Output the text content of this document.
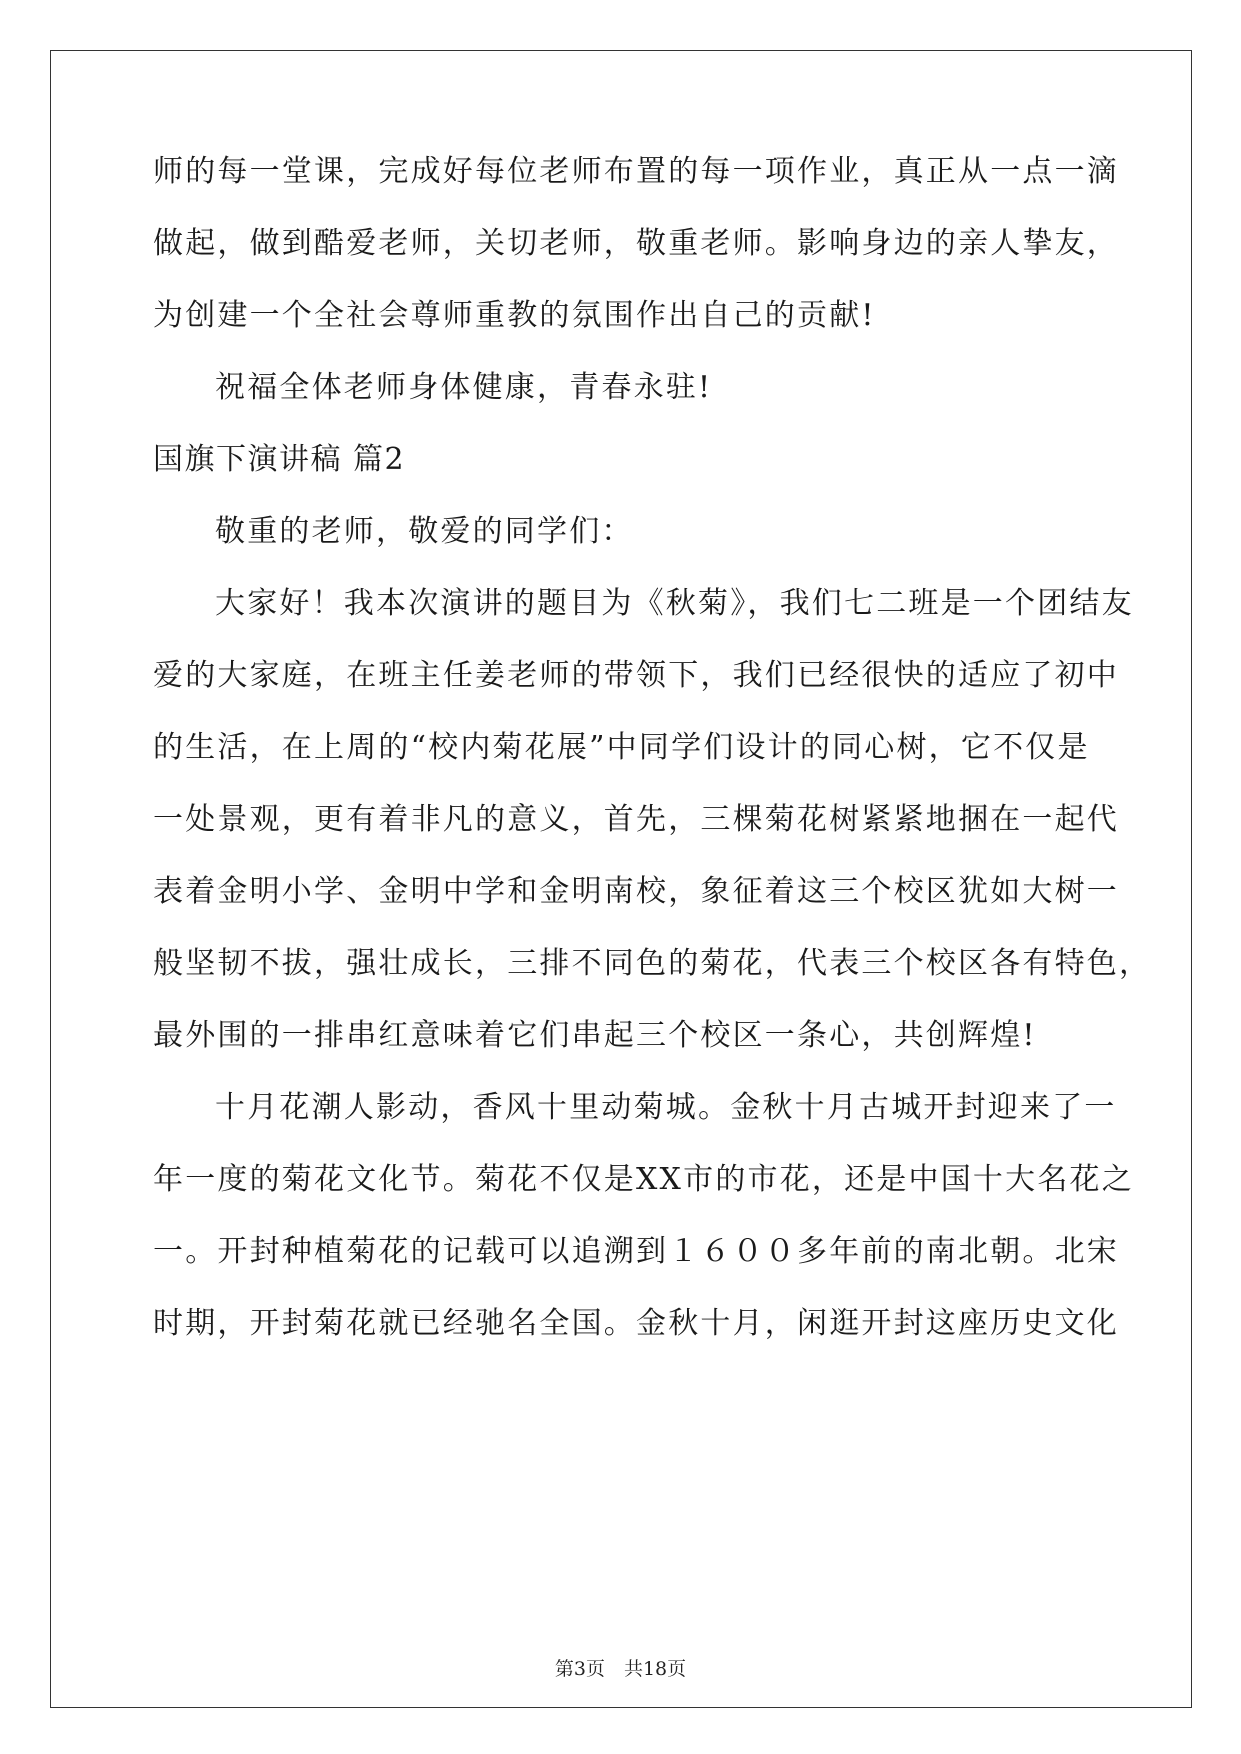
师的每一堂课，完成好每位老师布置的每一项作业，真正从一点一滴
做起，做到酷爱老师，关切老师，敬重老师。影响身边的亲人挚友，
为创建一个全社会尊师重教的氛围作出自己的贡献!
祝福全体老师身体健康，青春永驻!
国旗下演讲稿 篇2
敬重的老师，敬爱的同学们：
大家好！我本次演讲的题目为《秋菊》，我们七二班是一个团结友
爱的大家庭，在班主任姜老师的带领下，我们已经很快的适应了初中
的生活，在上周的“校内菊花展”中同学们设计的同心树，它不仅是
一处景观，更有着非凡的意义，首先，三棵菊花树紧紧地捆在一起代
表着金明小学、金明中学和金明南校，象征着这三个校区犹如大树一
般坚韧不拔，强壮成长，三排不同色的菊花，代表三个校区各有特色，
最外围的一排串红意味着它们串起三个校区一条心，共创辉煌!
十月花潮人影动，香风十里动菊城。金秋十月古城开封迎来了一
年一度的菊花文化节。菊花不仅是XX市的市花，还是中国十大名花之
一。开封种植菊花的记载可以追溯到１６００多年前的南北朝。北宋
时期，开封菊花就已经驰名全国。金秋十月，闲逛开封这座历史文化
第3页　共18页
